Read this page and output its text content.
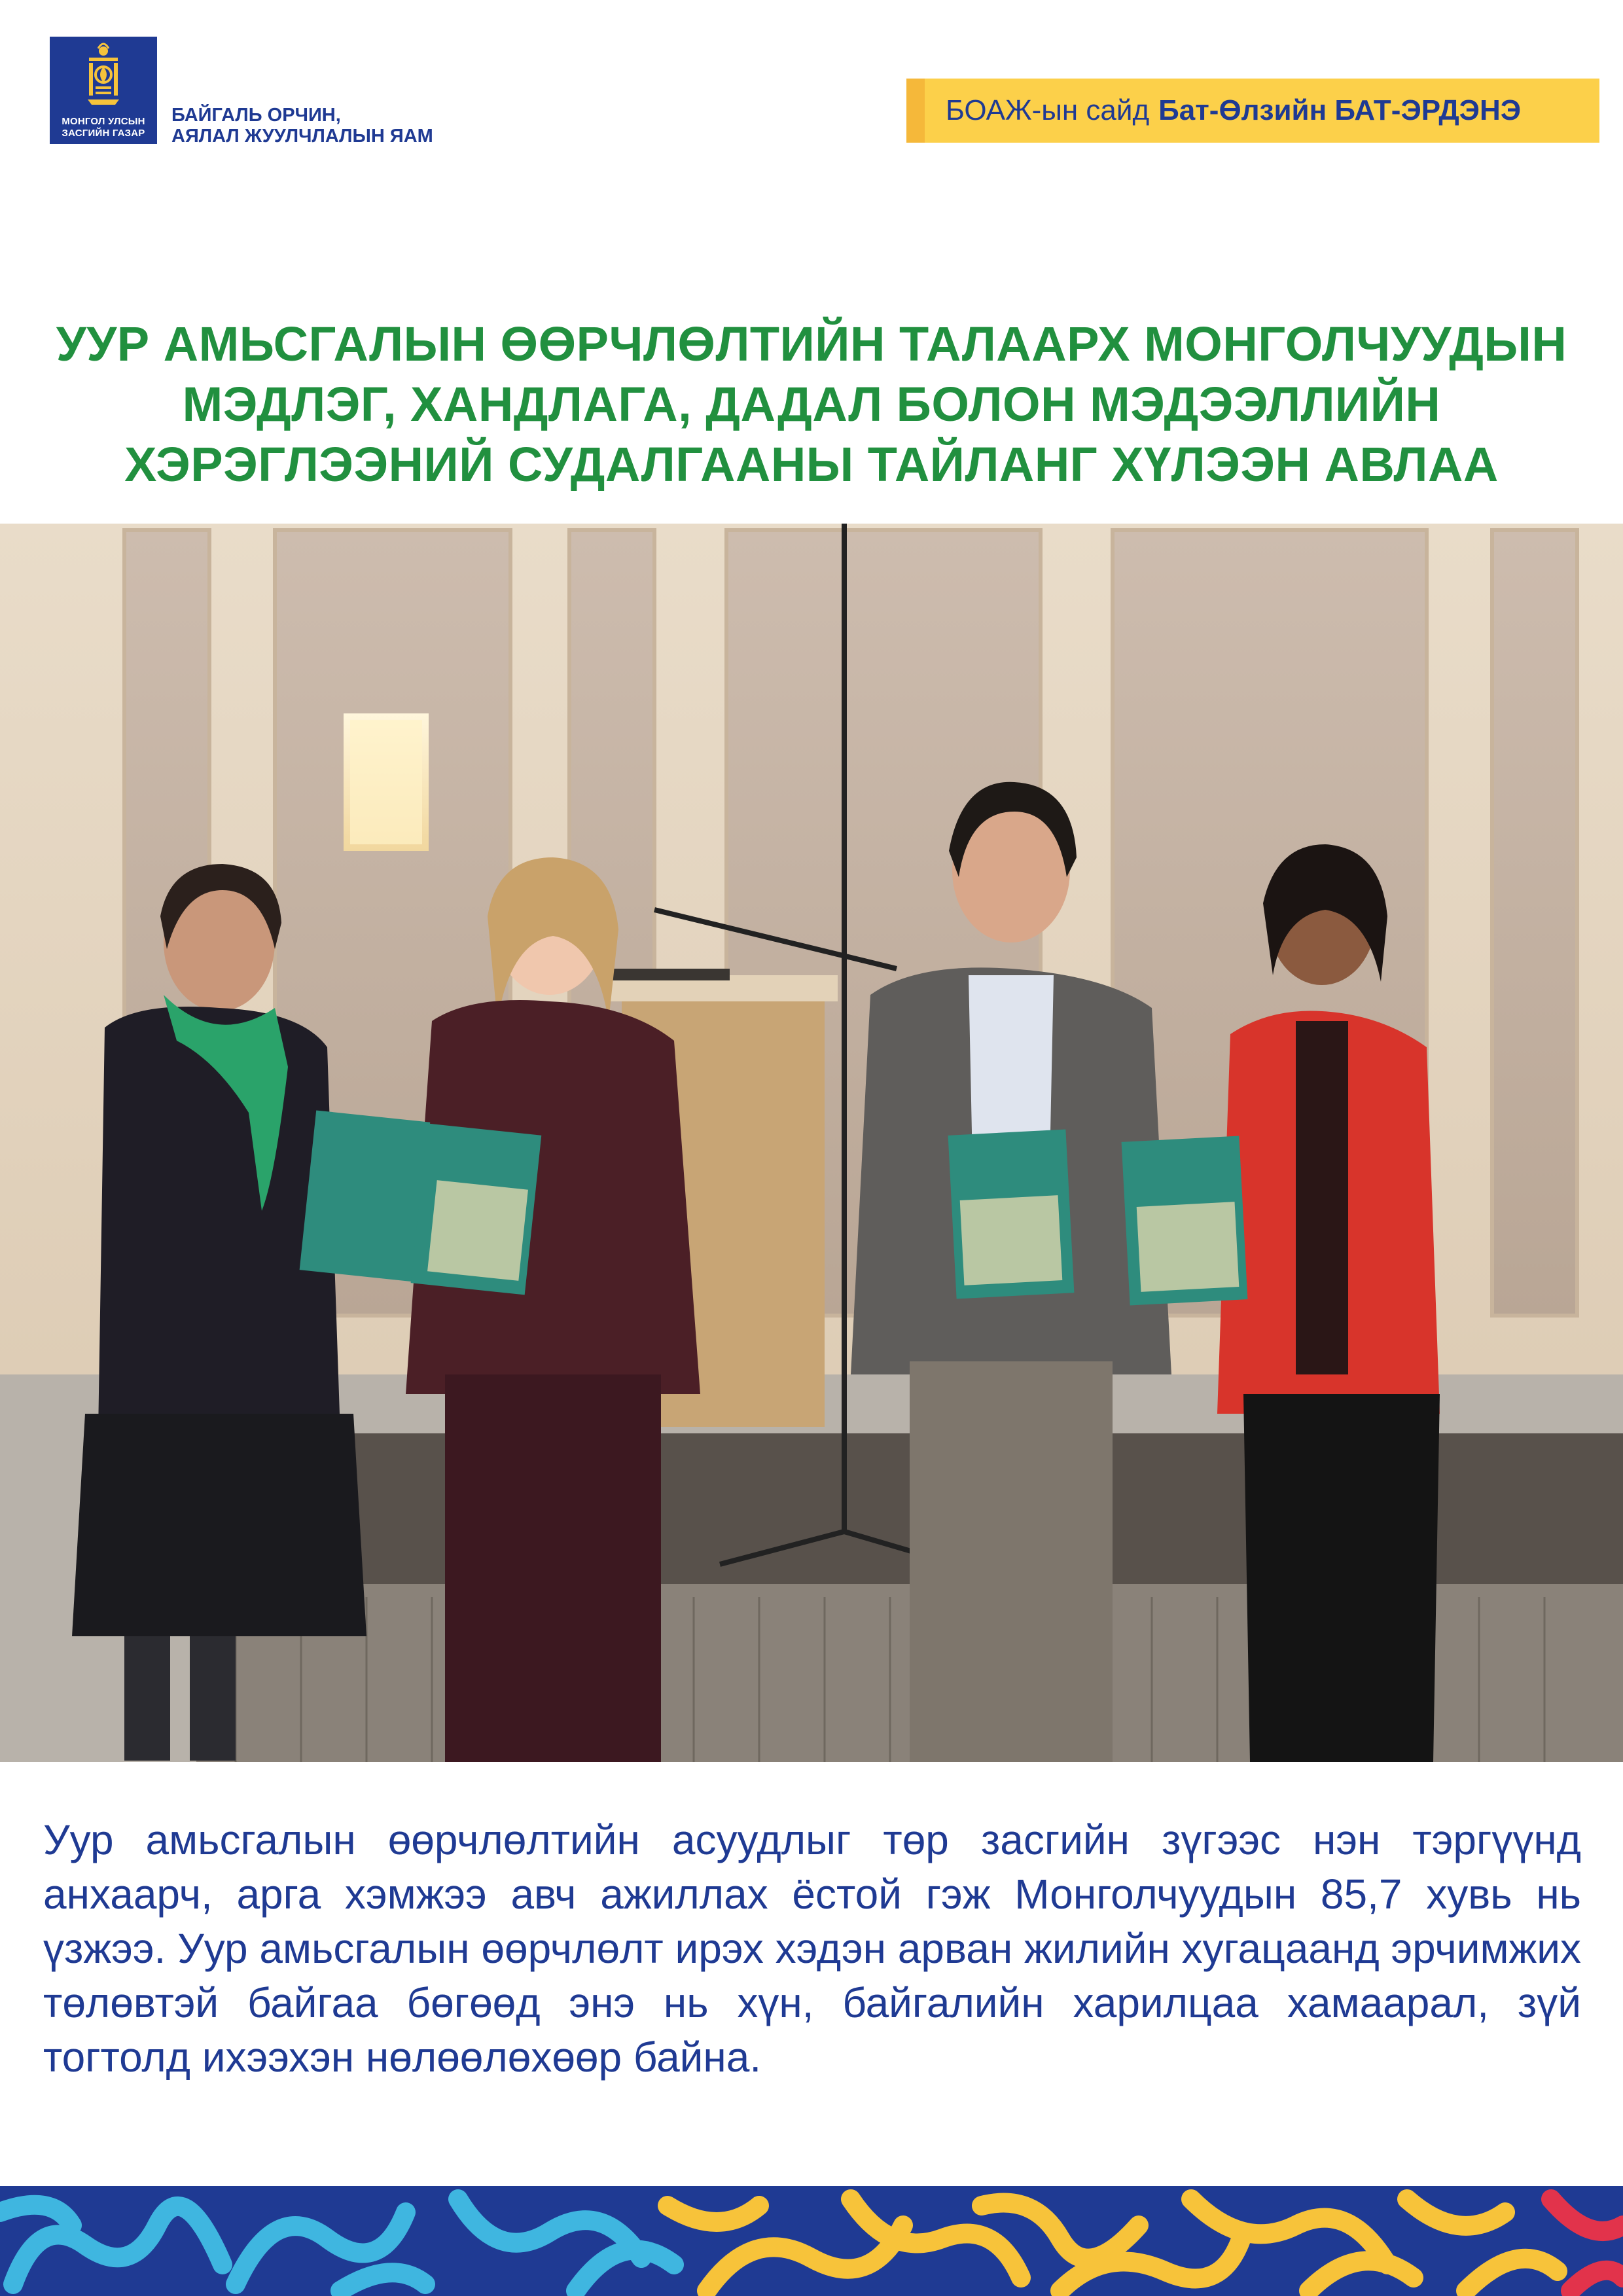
МОНГОЛ УЛСЫН
ЗАСГИЙН ГАЗАР
БАЙГАЛЬ ОРЧИН,
АЯЛАЛ ЖУУЛЧЛАЛЫН ЯАМ
БОАЖ-ын сайд Бат-Өлзийн БАТ-ЭРДЭНЭ
УУР АМЬСГАЛЫН ӨӨРЧЛӨЛТИЙН ТАЛААРХ МОНГОЛЧУУДЫН
МЭДЛЭГ, ХАНДЛАГА, ДАДАЛ БОЛОН МЭДЭЭЛЛИЙН
ХЭРЭГЛЭЭНИЙ СУДАЛГААНЫ ТАЙЛАНГ ХҮЛЭЭН АВЛАА
Уур амьсгалын өөрчлөлтийн асуудлыг төр засгийн зүгээс нэн тэргүүнд анхаарч, арга хэмжээ авч ажиллах ёстой гэж Монголчуудын 85,7 хувь нь үзжээ. Уур амьсгалын өөрчлөлт ирэх хэдэн арван жилийн хугацаанд эрчимжих төлөвтэй байгаа бөгөөд энэ нь хүн, байгалийн харилцаа хамаарал, зүй тогтолд ихээхэн нөлөөлөхөөр байна.
